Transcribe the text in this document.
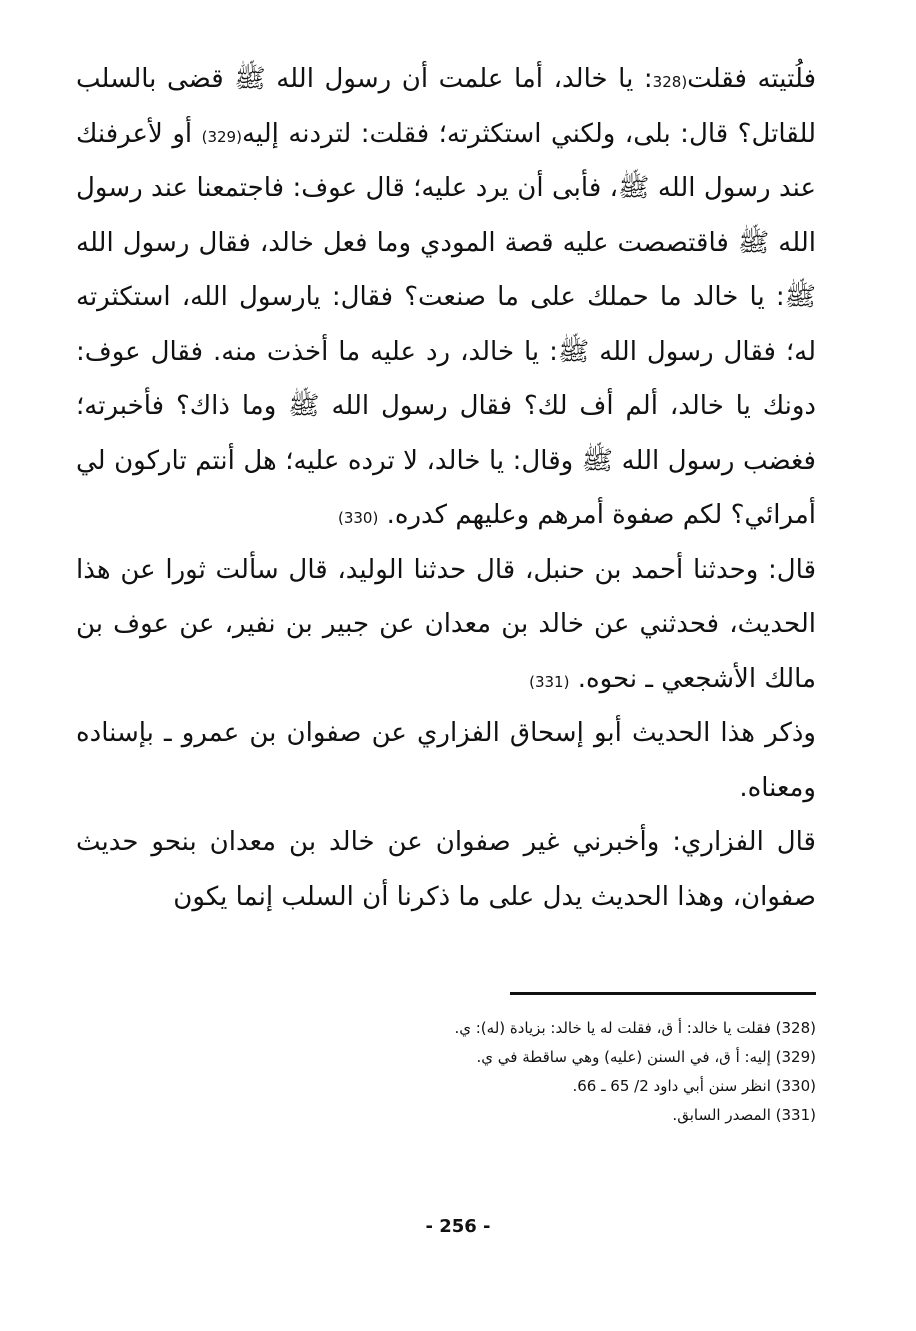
فلُتيته فقلت(328: يا خالد، أما علمت أن رسول الله ﷺ قضى بالسلب للقاتل؟ قال: بلى، ولكني استكثرته؛ فقلت: لتردنه إليه(329) أو لأعرفنك عند رسول الله ﷺ، فأبى أن يرد عليه؛ قال عوف: فاجتمعنا عند رسول الله ﷺ فاقتصصت عليه قصة المودي وما فعل خالد، فقال رسول الله ﷺ: يا خالد ما حملك على ما صنعت؟ فقال: يارسول الله، استكثرته له؛ فقال رسول الله ﷺ: يا خالد، رد عليه ما أخذت منه. فقال عوف: دونك يا خالد، ألم أف لك؟ فقال رسول الله ﷺ وما ذاك؟ فأخبرته؛ فغضب رسول الله ﷺ وقال: يا خالد، لا ترده عليه؛ هل أنتم تاركون لي أمرائي؟ لكم صفوة أمرهم وعليهم كدره. (330)

قال: وحدثنا أحمد بن حنبل، قال حدثنا الوليد، قال سألت ثورا عن هذا الحديث، فحدثني عن خالد بن معدان عن جبير بن نفير، عن عوف بن مالك الأشجعي ـ نحوه. (331)

وذكر هذا الحديث أبو إسحاق الفزاري عن صفوان بن عمرو ـ بإسناده ومعناه.

قال الفزاري: وأخبرني غير صفوان عن خالد بن معدان بنحو حديث صفوان، وهذا الحديث يدل على ما ذكرنا أن السلب إنما يكون

(328) فقلت يا خالد: أ ق، فقلت له يا خالد: بزيادة (له): ي.

(329) إليه: أ ق، في السنن (عليه) وهي ساقطة في ي.

(330) انظر سنن أبي داود 2/ 65 ـ 66.

(331) المصدر السابق.

- 256 -
